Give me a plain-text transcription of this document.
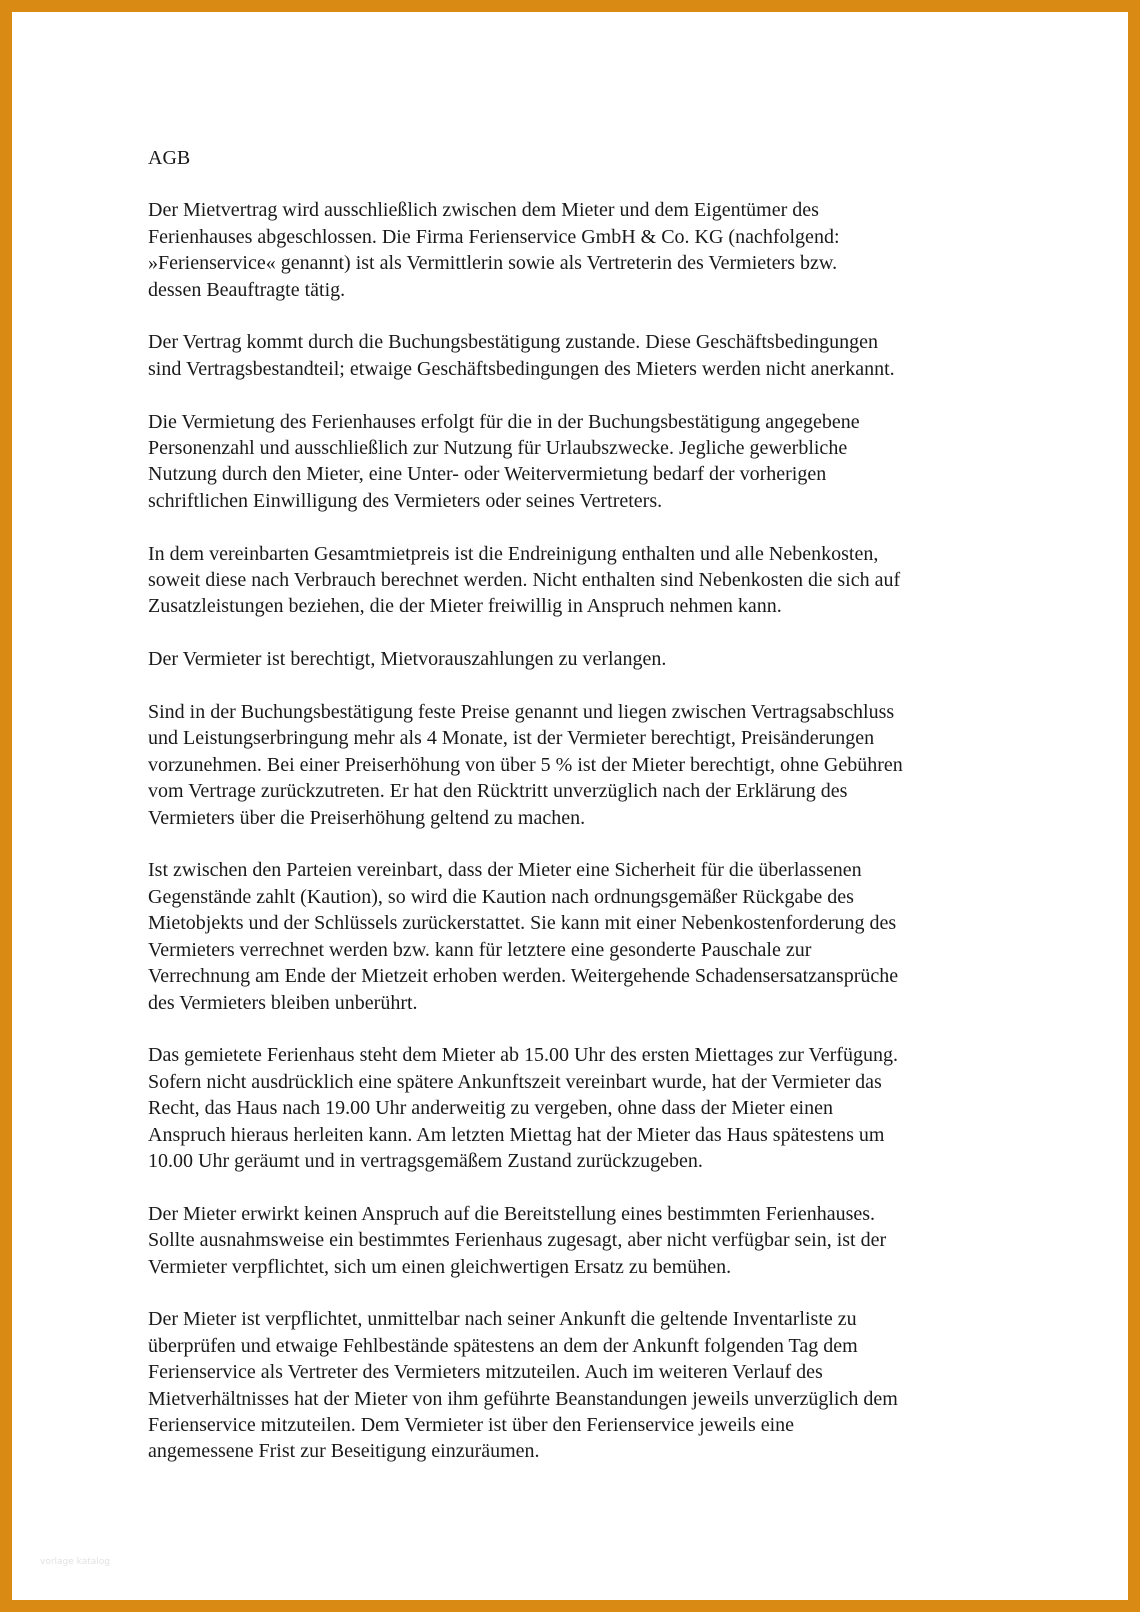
AGB
Der Mietvertrag wird ausschließlich zwischen dem Mieter und dem Eigentümer des
Ferienhauses abgeschlossen. Die Firma Ferienservice GmbH & Co. KG (nachfolgend:
»Ferienservice« genannt) ist als Vermittlerin sowie als Vertreterin des Vermieters bzw.
dessen Beauftragte tätig.
Der Vertrag kommt durch die Buchungsbestätigung zustande. Diese Geschäftsbedingungen
sind Vertragsbestandteil; etwaige Geschäftsbedingungen des Mieters werden nicht anerkannt.
Die Vermietung des Ferienhauses erfolgt für die in der Buchungsbestätigung angegebene
Personenzahl und ausschließlich zur Nutzung für Urlaubszwecke. Jegliche gewerbliche
Nutzung durch den Mieter, eine Unter- oder Weitervermietung bedarf der vorherigen
schriftlichen Einwilligung des Vermieters oder seines Vertreters.
In dem vereinbarten Gesamtmietpreis ist die Endreinigung enthalten und alle Nebenkosten,
soweit diese nach Verbrauch berechnet werden. Nicht enthalten sind Nebenkosten die sich auf
Zusatzleistungen beziehen, die der Mieter freiwillig in Anspruch nehmen kann.
Der Vermieter ist berechtigt, Mietvorauszahlungen zu verlangen.
Sind in der Buchungsbestätigung feste Preise genannt und liegen zwischen Vertragsabschluss
und Leistungserbringung mehr als 4 Monate, ist der Vermieter berechtigt, Preisänderungen
vorzunehmen. Bei einer Preiserhöhung von über 5 % ist der Mieter berechtigt, ohne Gebühren
vom Vertrage zurückzutreten. Er hat den Rücktritt unverzüglich nach der Erklärung des
Vermieters über die Preiserhöhung geltend zu machen.
Ist zwischen den Parteien vereinbart, dass der Mieter eine Sicherheit für die überlassenen
Gegenstände zahlt (Kaution), so wird die Kaution nach ordnungsgemäßer Rückgabe des
Mietobjekts und der Schlüssels zurückerstattet. Sie kann mit einer Nebenkostenforderung des
Vermieters verrechnet werden bzw. kann für letztere eine gesonderte Pauschale zur
Verrechnung am Ende der Mietzeit erhoben werden. Weitergehende Schadensersatzansprüche
des Vermieters bleiben unberührt.
Das gemietete Ferienhaus steht dem Mieter ab 15.00 Uhr des ersten Miettages zur Verfügung.
Sofern nicht ausdrücklich eine spätere Ankunftszeit vereinbart wurde, hat der Vermieter das
Recht, das Haus nach 19.00 Uhr anderweitig zu vergeben, ohne dass der Mieter einen
Anspruch hieraus herleiten kann. Am letzten Miettag hat der Mieter das Haus spätestens um
10.00 Uhr geräumt und in vertragsgemäßem Zustand zurückzugeben.
Der Mieter erwirkt keinen Anspruch auf die Bereitstellung eines bestimmten Ferienhauses.
Sollte ausnahmsweise ein bestimmtes Ferienhaus zugesagt, aber nicht verfügbar sein, ist der
Vermieter verpflichtet, sich um einen gleichwertigen Ersatz zu bemühen.
Der Mieter ist verpflichtet, unmittelbar nach seiner Ankunft die geltende Inventarliste zu
überprüfen und etwaige Fehlbestände spätestens an dem der Ankunft folgenden Tag dem
Ferienservice als Vertreter des Vermieters mitzuteilen. Auch im weiteren Verlauf des
Mietverhältnisses hat der Mieter von ihm geführte Beanstandungen jeweils unverzüglich dem
Ferienservice mitzuteilen. Dem Vermieter ist über den Ferienservice jeweils eine
angemessene Frist zur Beseitigung einzuräumen.
vorlage katalog
